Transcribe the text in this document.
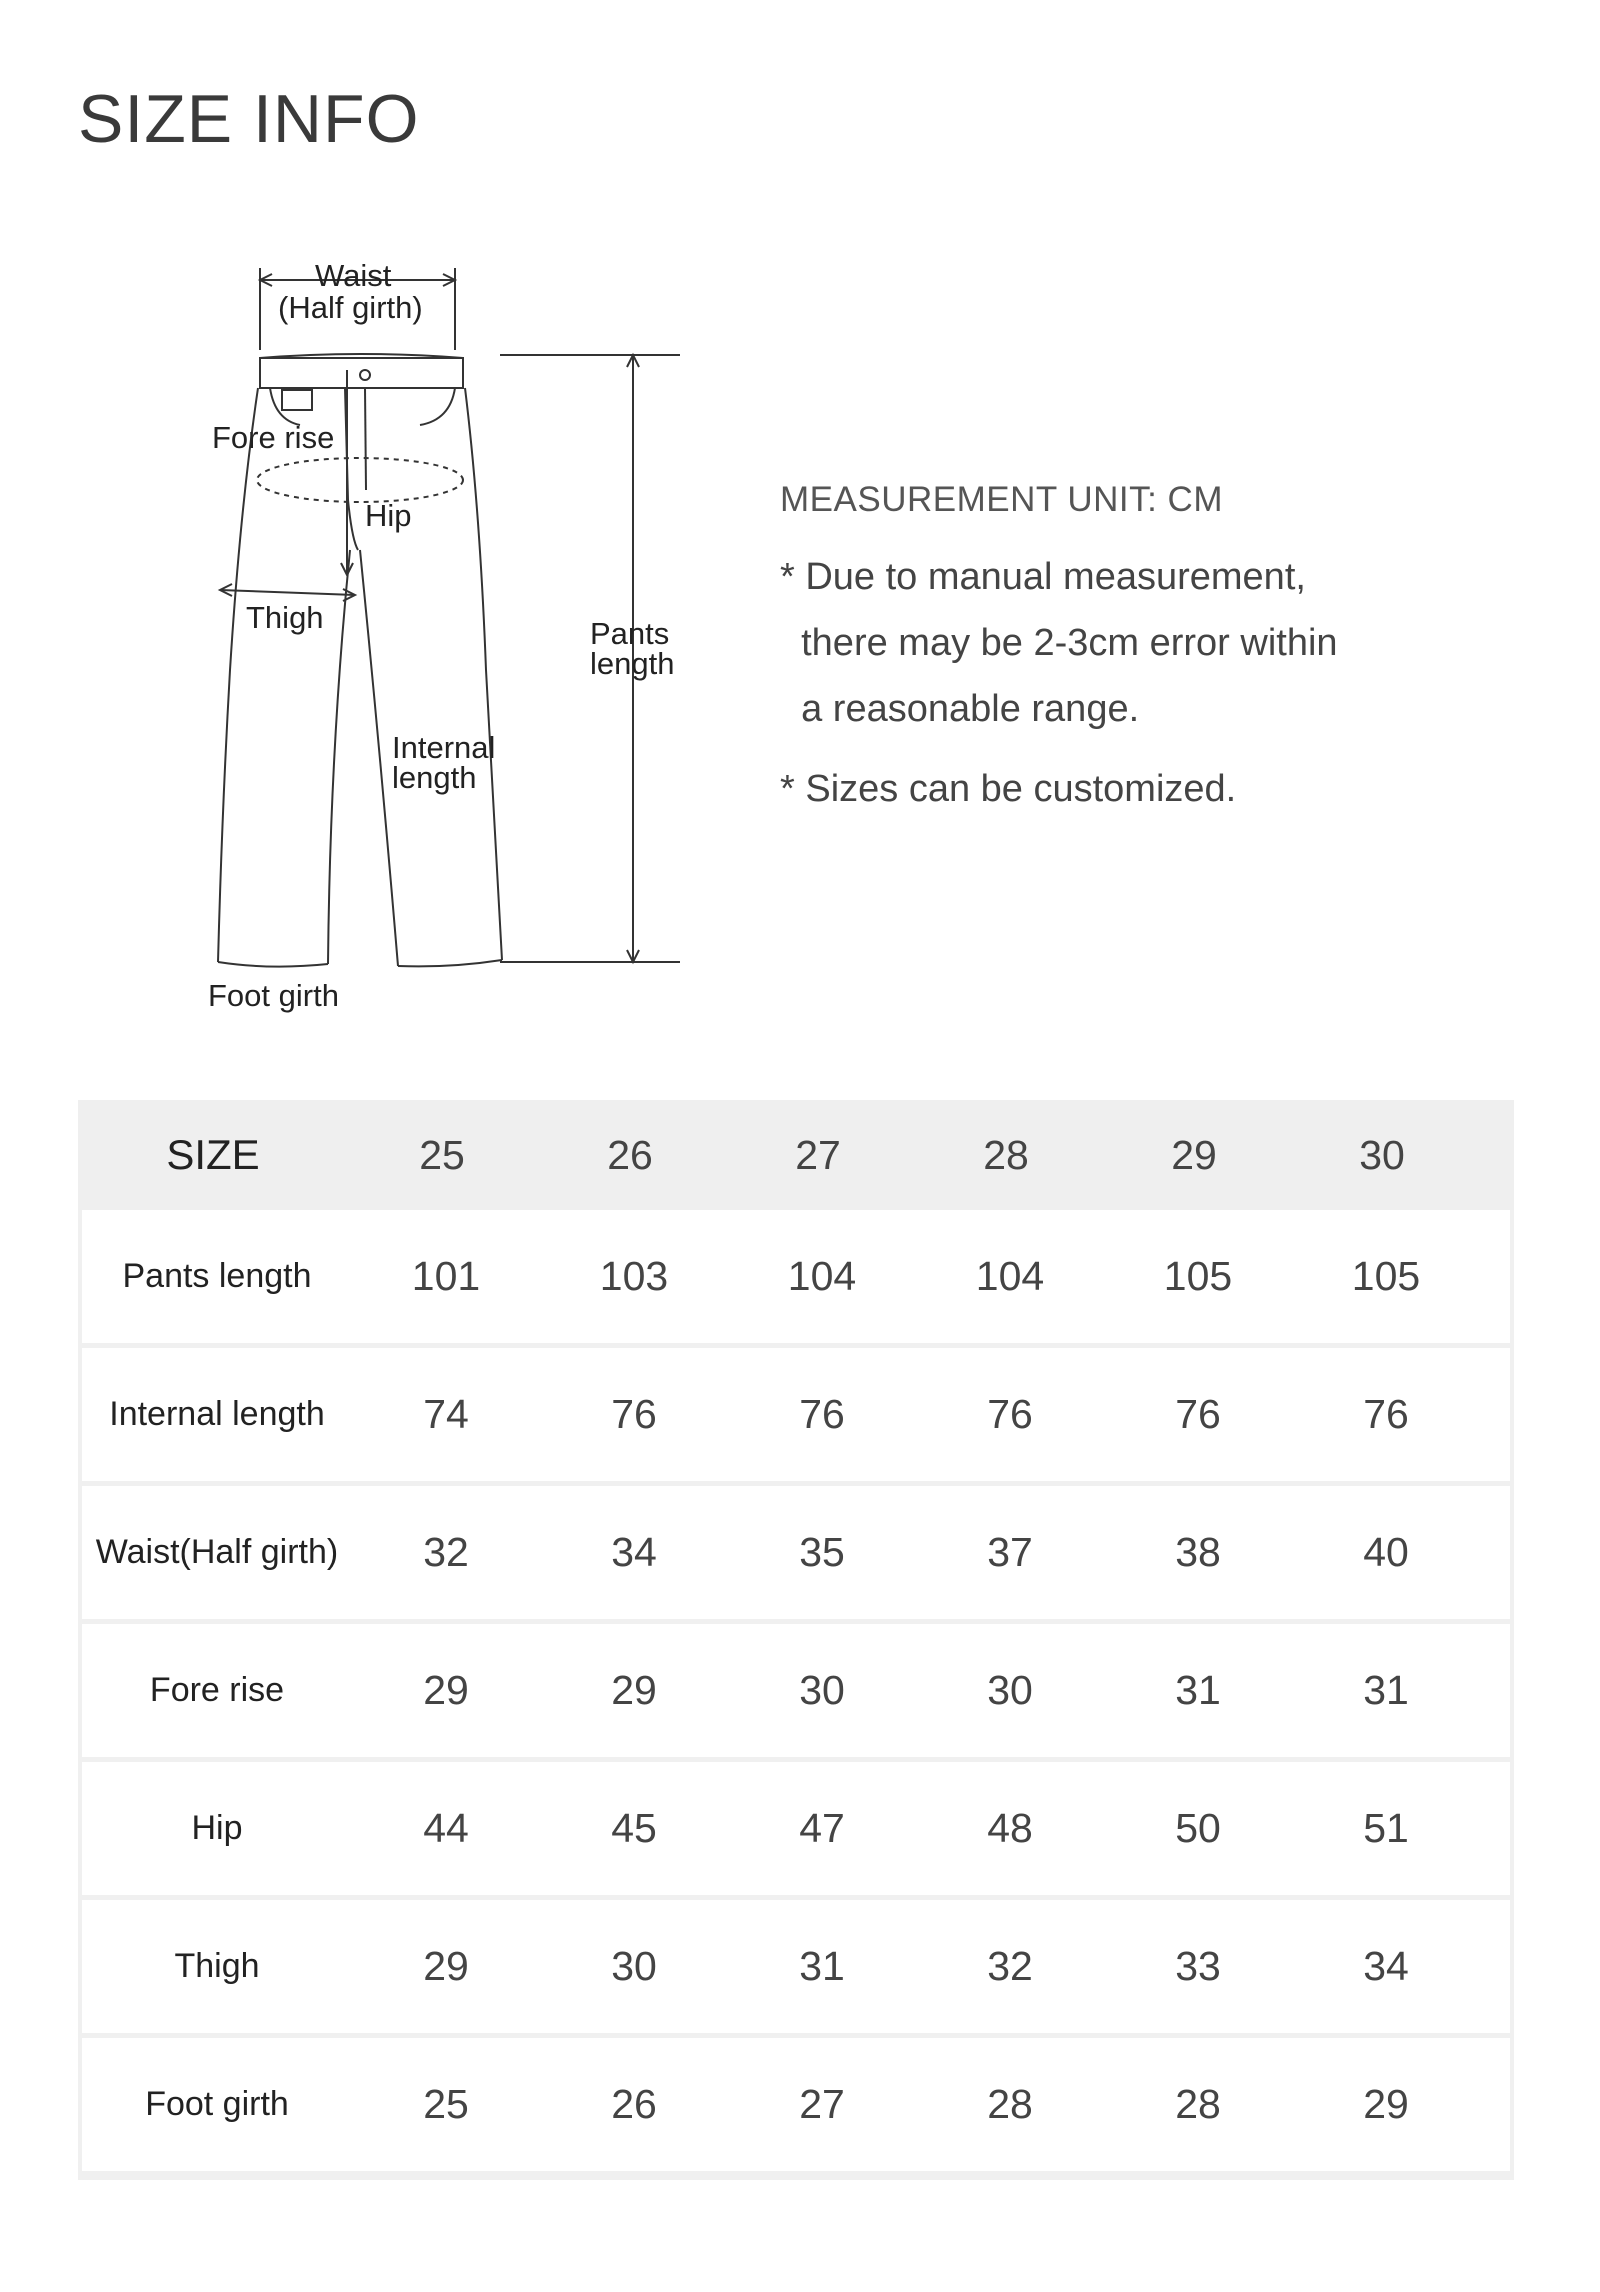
SIZE INFO
Waist
(Half girth)
Fore rise
Hip
Thigh	Pants
length
Internal
length
Foot girth
MEASUREMENT UNIT: CM
* Due to manual measurement,
there may be 2-3cm error within
a reasonable range.
* Sizes can be customized.
SIZE	25	26	27	28	29	30
Pants length	101	103	104	104	105	105
Internal length	74	76	76	76	76	76
Waist(Half girth)	32	34	35	37	38	40
Fore rise	29	29	30	30	31	31
Hip	44	45	47	48	50	51
Thigh	29	30	31	32	33	34
Foot girth	25	26	27	28	28	29
